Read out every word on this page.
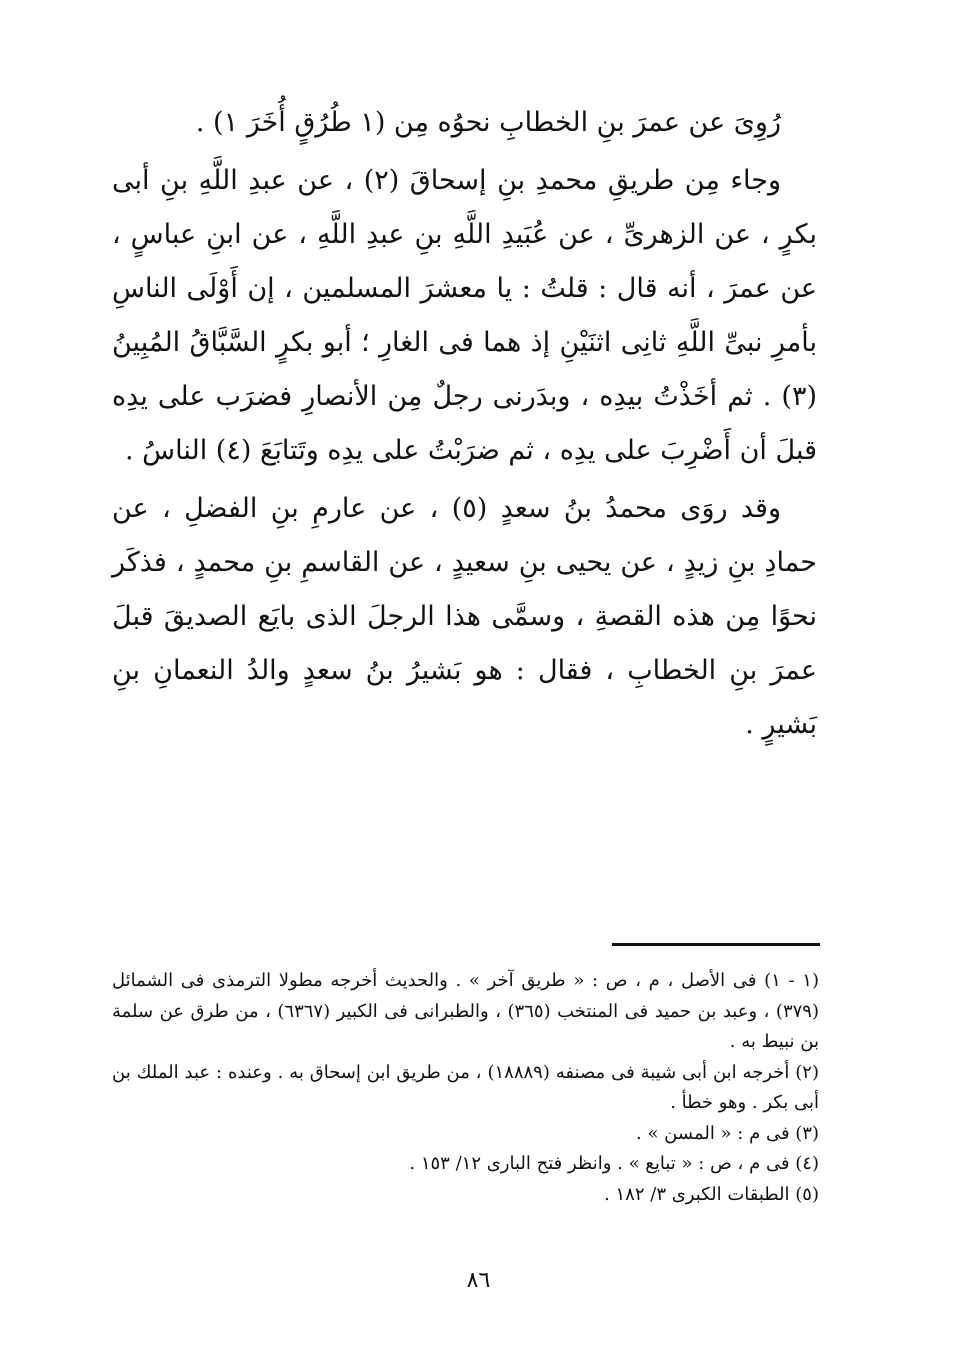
رُوِىَ عن عمرَ بنِ الخطابِ نحوُه مِن (١ طُرُقٍ أُخَرَ ١) .

وجاء مِن طريقِ محمدِ بنِ إسحاقَ (٢) ، عن عبدِ اللَّهِ بنِ أبى بكرٍ ، عن الزهرىِّ ، عن عُبَيدِ اللَّهِ بنِ عبدِ اللَّهِ ، عن ابنِ عباسٍ ، عن عمرَ ، أنه قال : قلتُ : يا معشرَ المسلمين ، إن أَوْلَى الناسِ بأمرِ نبىِّ اللَّهِ ثانِى اثنَيْنِ إذ هما فى الغارِ ؛ أبو بكرٍ السَّبَّاقُ المُبِينُ (٣) . ثم أخَذْتُ بيدِه ، وبدَرنى رجلٌ مِن الأنصارِ فضرَب على يدِه قبلَ أن أَضْرِبَ على يدِه ، ثم ضرَبْتُ على يدِه وتَتابَعَ (٤) الناسُ .

وقد روَى محمدُ بنُ سعدٍ (٥) ، عن عارمِ بنِ الفضلِ ، عن حمادِ بنِ زيدٍ ، عن يحيى بنِ سعيدٍ ، عن القاسمِ بنِ محمدٍ ، فذكَر نحوًا مِن هذه القصةِ ، وسمَّى هذا الرجلَ الذى بايَع الصديقَ قبلَ عمرَ بنِ الخطابِ ، فقال : هو بَشيرُ بنُ سعدٍ والدُ النعمانِ بنِ بَشيرٍ .

(١ - ١) فى الأصل ، م ، ص : « طريق آخر » . والحديث أخرجه مطولا الترمذى فى الشمائل (٣٧٩) ، وعبد بن حميد فى المنتخب (٣٦٥) ، والطبرانى فى الكبير (٦٣٦٧) ، من طرق عن سلمة بن نبيط به .

(٢) أخرجه ابن أبى شيبة فى مصنفه (١٨٨٨٩) ، من طريق ابن إسحاق به . وعنده : عبد الملك بن أبى بكر . وهو خطأ .

(٣) فى م : « المسن » .

(٤) فى م ، ص : « تبايع » . وانظر فتح البارى ١٢/ ١٥٣ .

(٥) الطبقات الكبرى ٣/ ١٨٢ .

٨٦
